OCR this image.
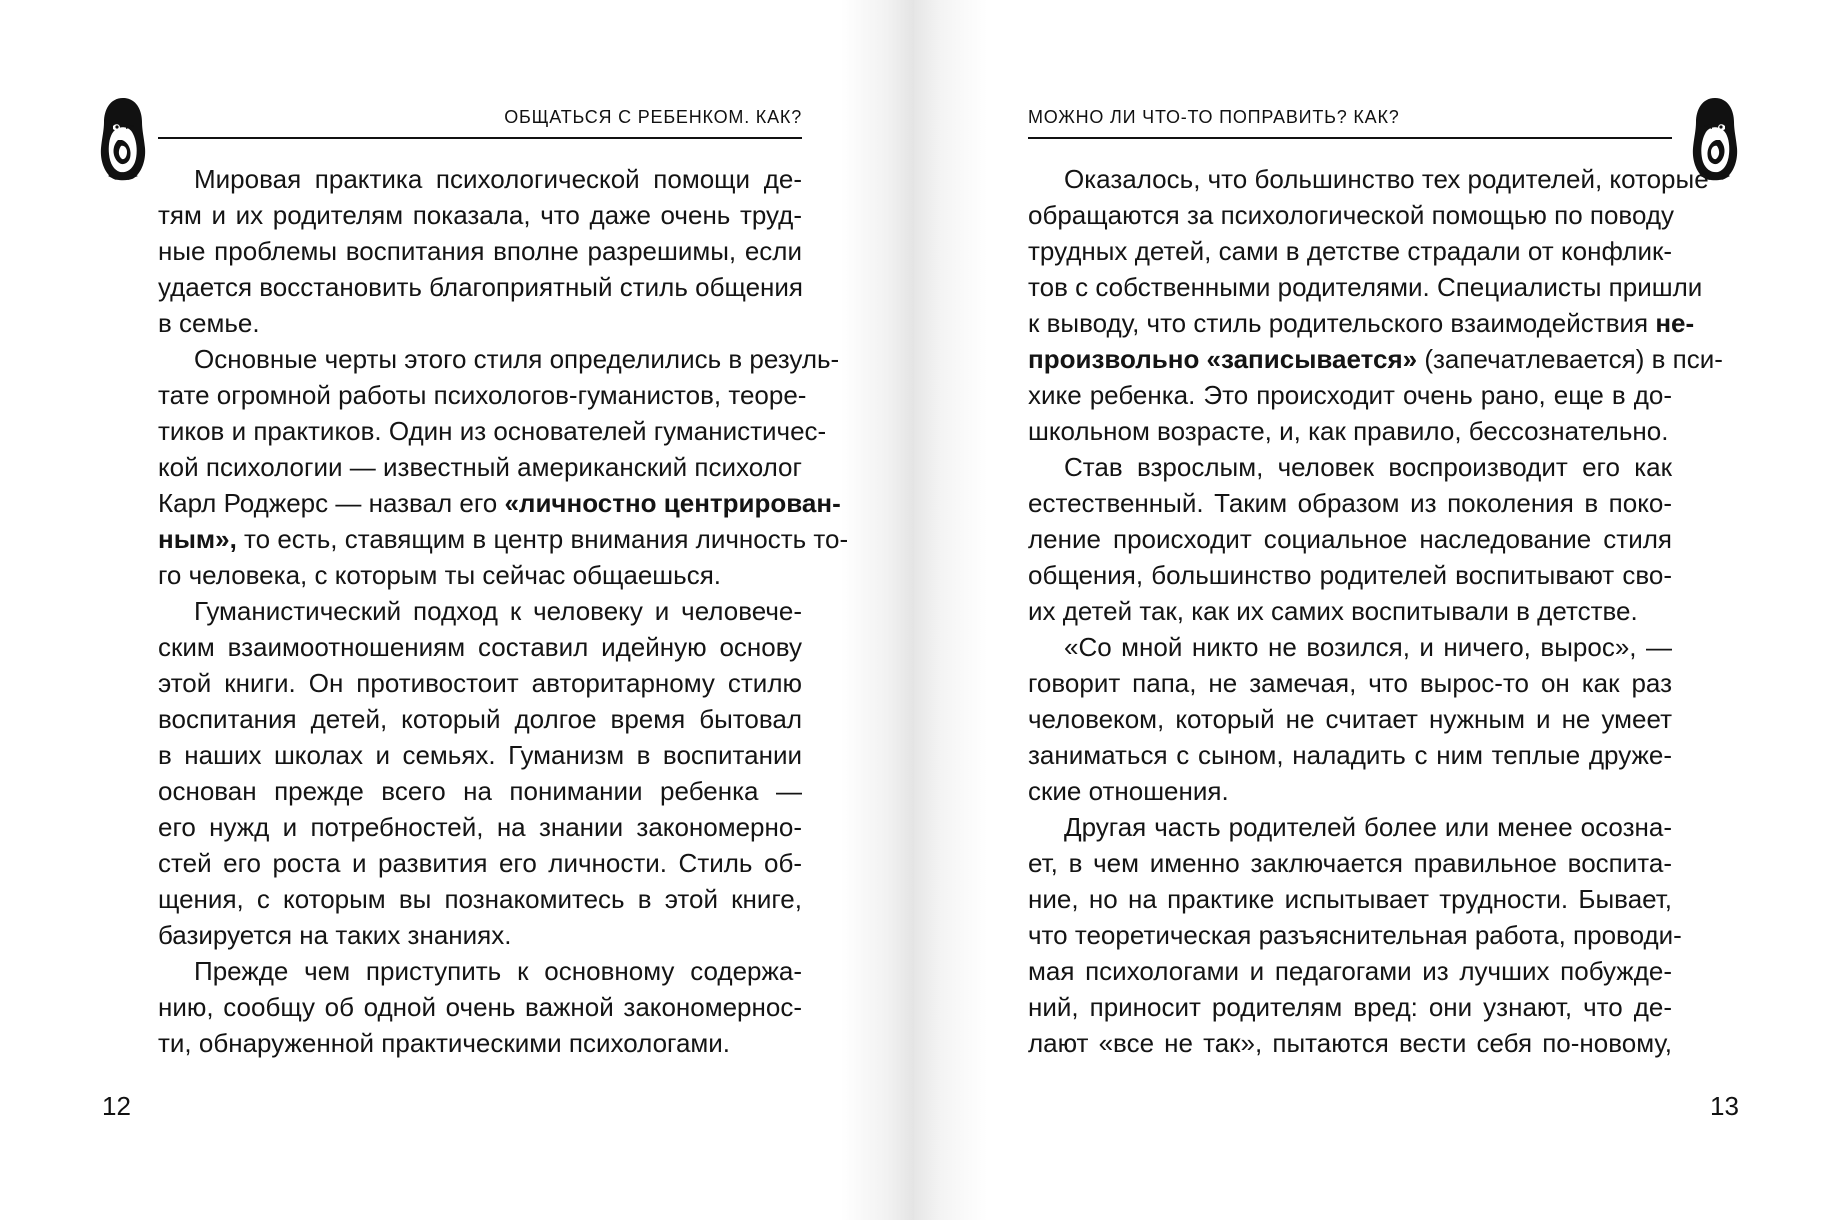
ОБЩАТЬСЯ С РЕБЕНКОМ. КАК?
Мировая практика психологической помощи де-
тям и их родителям показала, что даже очень труд-
ные проблемы воспитания вполне разрешимы, если
удается восстановить благоприятный стиль общения
в семье.
Основные черты этого стиля определились в резуль-
тате огромной работы психологов-гуманистов, теоре-
тиков и практиков. Один из основателей гуманистичес-
кой психологии — известный американский психолог
Карл Роджерс — назвал его «личностно центрирован-
ным», то есть, ставящим в центр внимания личность то-
го человека, с которым ты сейчас общаешься.
Гуманистический подход к человеку и человече-
ским взаимоотношениям составил идейную основу
этой книги. Он противостоит авторитарному стилю
воспитания детей, который долгое время бытовал
в наших школах и семьях. Гуманизм в воспитании
основан прежде всего на понимании ребенка —
его нужд и потребностей, на знании закономерно-
стей его роста и развития его личности. Стиль об-
щения, с которым вы познакомитесь в этой книге,
базируется на таких знаниях.
Прежде чем приступить к основному содержа-
нию, сообщу об одной очень важной закономернос-
ти, обнаруженной практическими психологами.
12
МОЖНО ЛИ ЧТО-ТО ПОПРАВИТЬ? КАК?
Оказалось, что большинство тех родителей, которые
обращаются за психологической помощью по поводу
трудных детей, сами в детстве страдали от конфлик-
тов с собственными родителями. Специалисты пришли
к выводу, что стиль родительского взаимодействия не-
произвольно «записывается» (запечатлевается) в пси-
хике ребенка. Это происходит очень рано, еще в до-
школьном возрасте, и, как правило, бессознательно.
Став взрослым, человек воспроизводит его как
естественный. Таким образом из поколения в поко-
ление происходит социальное наследование стиля
общения, большинство родителей воспитывают сво-
их детей так, как их самих воспитывали в детстве.
«Со мной никто не возился, и ничего, вырос», —
говорит папа, не замечая, что вырос-то он как раз
человеком, который не считает нужным и не умеет
заниматься с сыном, наладить с ним теплые друже-
ские отношения.
Другая часть родителей более или менее осозна-
ет, в чем именно заключается правильное воспита-
ние, но на практике испытывает трудности. Бывает,
что теоретическая разъяснительная работа, проводи-
мая психологами и педагогами из лучших побужде-
ний, приносит родителям вред: они узнают, что де-
лают «все не так», пытаются вести себя по-новому,
13
